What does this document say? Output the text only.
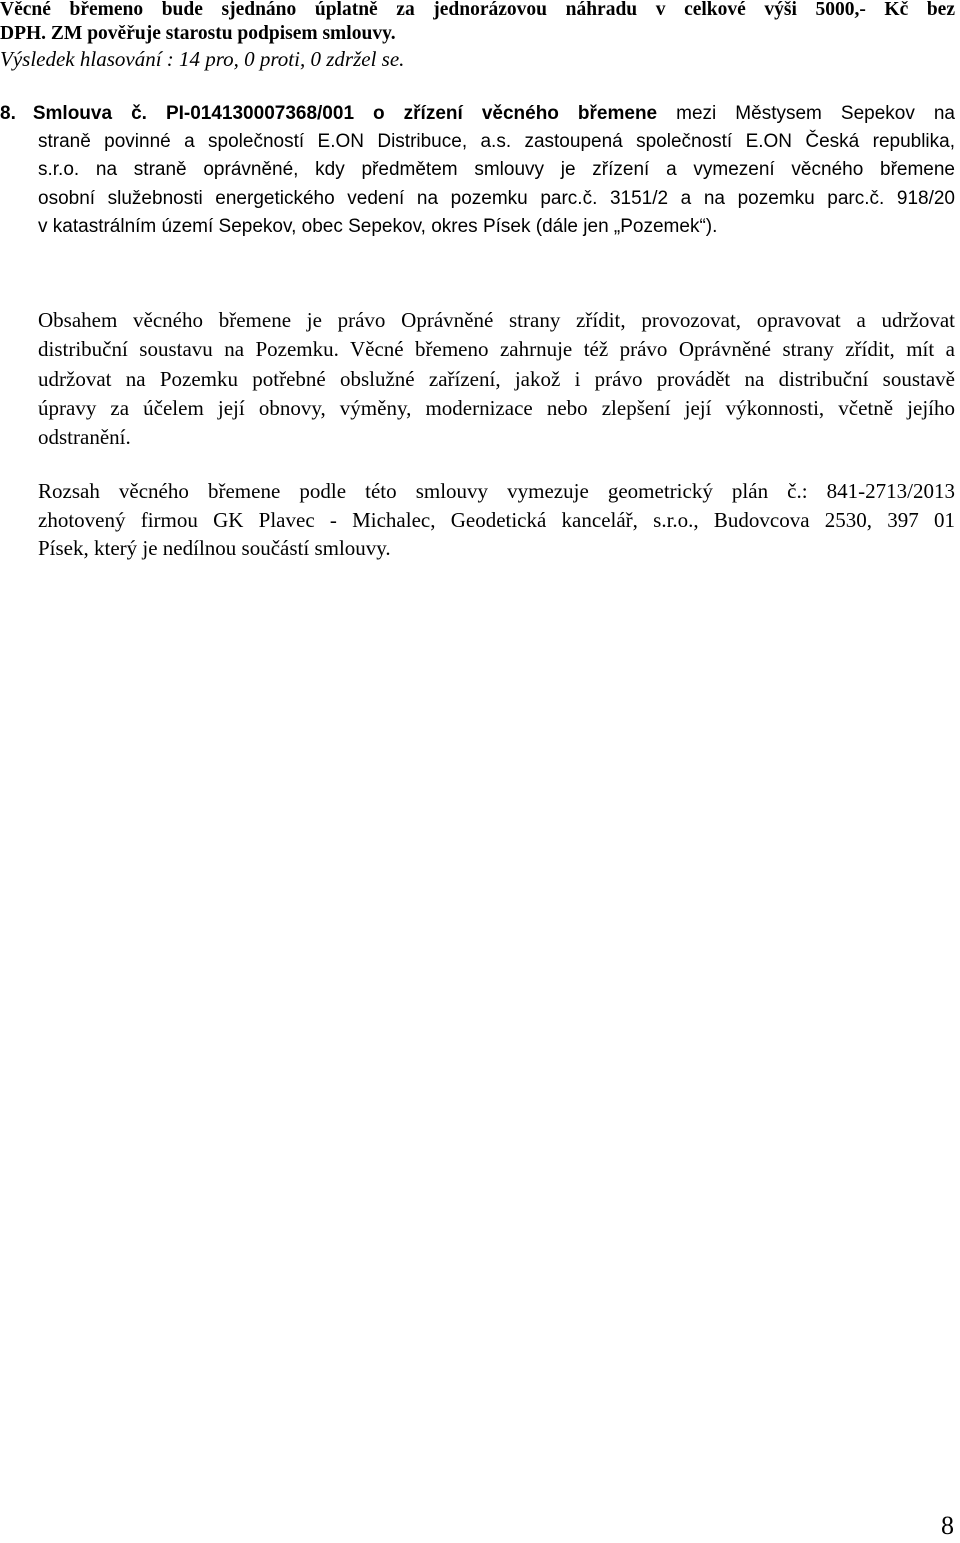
Věcné břemeno bude sjednáno úplatně za jednorázovou náhradu v celkové výši 5000,- Kč bez
DPH. ZM pověřuje starostu podpisem smlouvy.
Výsledek hlasování : 14 pro, 0 proti, 0 zdržel se.
8. Smlouva č. PI-014130007368/001 o zřízení věcného břemene mezi Městysem Sepekov na
straně povinné a společností E.ON Distribuce, a.s. zastoupená společností E.ON Česká republika,
s.r.o. na straně oprávněné, kdy předmětem smlouvy je zřízení a vymezení věcného břemene
osobní služebnosti energetického vedení na pozemku parc.č. 3151/2 a na pozemku parc.č. 918/20
v katastrálním území Sepekov, obec Sepekov, okres Písek (dále jen „Pozemek“).
Obsahem věcného břemene je právo Oprávněné strany zřídit, provozovat, opravovat a udržovat
distribuční soustavu na Pozemku. Věcné břemeno zahrnuje též právo Oprávněné strany zřídit, mít a
udržovat na Pozemku potřebné obslužné zařízení, jakož i právo provádět na distribuční soustavě
úpravy za účelem její obnovy, výměny, modernizace nebo zlepšení její výkonnosti, včetně jejího
odstranění.
Rozsah věcného břemene podle této smlouvy vymezuje geometrický plán č.: 841-2713/2013
zhotovený firmou GK Plavec - Michalec, Geodetická kancelář, s.r.o., Budovcova 2530, 397 01
Písek, který je nedílnou součástí smlouvy.
8
